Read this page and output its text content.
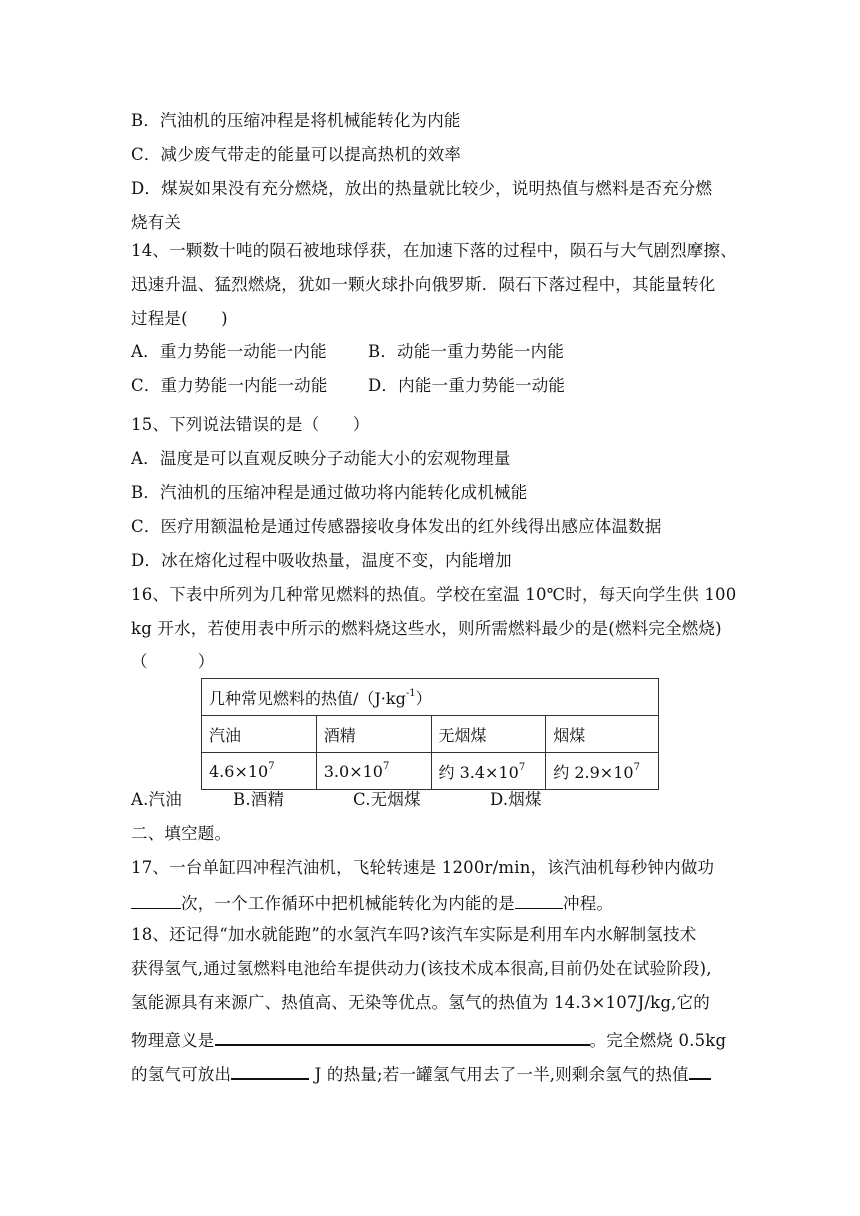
B．汽油机的压缩冲程是将机械能转化为内能
C．减少废气带走的能量可以提高热机的效率
D．煤炭如果没有充分燃烧，放出的热量就比较少，说明热值与燃料是否充分燃
烧有关
14、一颗数十吨的陨石被地球俘获，在加速下落的过程中，陨石与大气剧烈摩擦、
迅速升温、猛烈燃烧，犹如一颗火球扑向俄罗斯．陨石下落过程中，其能量转化
过程是(　　)
A．重力势能一动能一内能 B．动能一重力势能一内能
C．重力势能一内能一动能 D．内能一重力势能一动能
15、下列说法错误的是（　　）
A．温度是可以直观反映分子动能大小的宏观物理量
B．汽油机的压缩冲程是通过做功将内能转化成机械能
C．医疗用额温枪是通过传感器接收身体发出的红外线得出感应体温数据
D．冰在熔化过程中吸收热量，温度不变，内能增加
16、下表中所列为几种常见燃料的热值。学校在室温 10℃时，每天向学生供 100
kg 开水，若使用表中所示的燃料烧这些水，则所需燃料最少的是(燃料完全燃烧)
（　　　）
几种常见燃料的热值$/(J\cdot kg^{-1})$			
汽油	酒精	无烟煤	烟煤
$4.6\times 10^7$	$3.0\times 10^7$	约 $3.4\times 10^7$	约 $2.9\times 10^7$
A.汽油	B.酒精	C.无烟煤	D.烟煤
二、填空题。
17、一台单缸四冲程汽油机，飞轮转速是 1200r/min，该汽油机每秒钟内做功
次，一个工作循环中把机械能转化为内能的是	冲程。
18、还记得“加水就能跑”的水氢汽车吗?该汽车实际是利用车内水解制氢技术
获得氢气,通过氢燃料电池给车提供动力(该技术成本很高,目前仍处在试验阶段),
氢能源具有来源广、热值高、无染等优点。氢气的热值为 14.3×107J/kg,它的
物理意义是	。完全燃烧 0.5kg
的氢气可放出	J 的热量;若一罐氢气用去了一半,则剩余氢气的热值
